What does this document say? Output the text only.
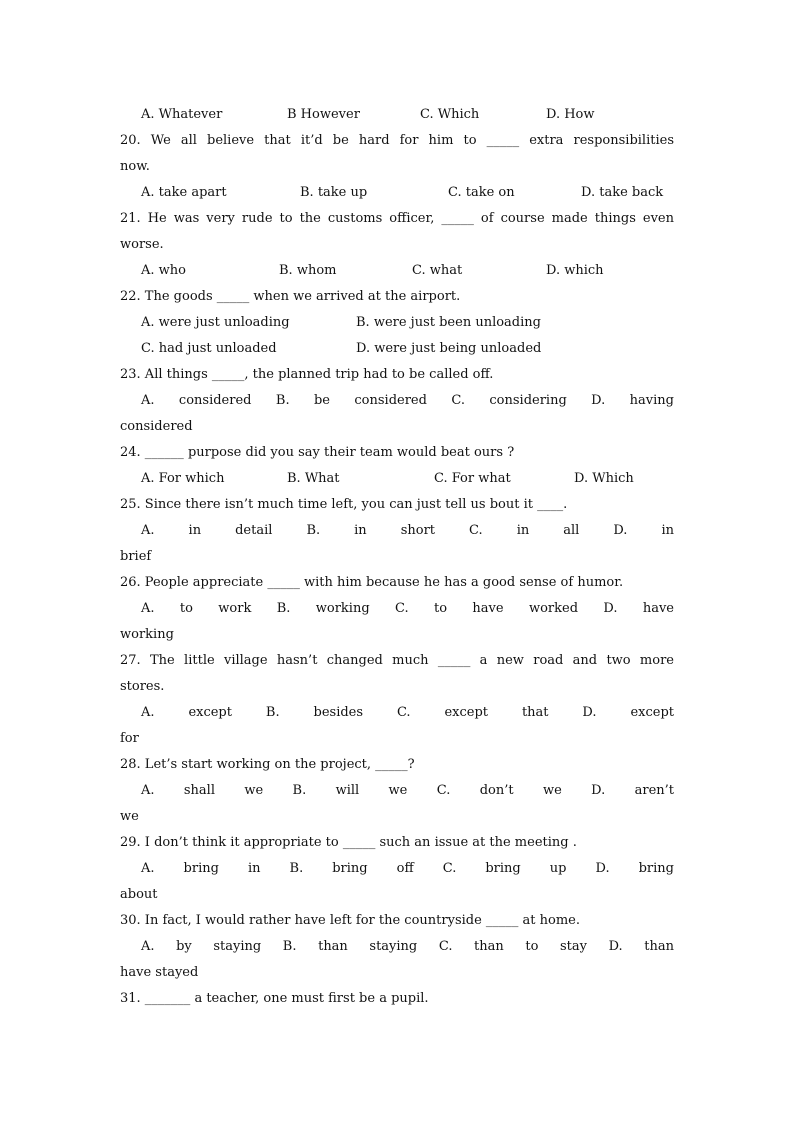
A. Whatever	B However	C. Which	D. How
20. We all believe that it’d be hard for him to _____ extra responsibilities
now.
A. take apart	B. take up	C. take on	D. take back
21. He was very rude to the customs officer, _____ of course made things even
worse.
A. who	B. whom	C. what	D. which
22. The goods _____ when we arrived at the airport.
A. were just unloading	B. were just been unloading
C. had just unloaded	D. were just being unloaded
23. All things _____, the planned trip had to be called off.
A. considered B. be considered C. considering D. having
considered
24. ______ purpose did you say their team would beat ours ?
A. For which	B. What	C. For what	D. Which
25. Since there isn’t much time left, you can just tell us bout it ____.
A. in detail B. in short C. in all D. in
brief
26. People appreciate _____ with him because he has a good sense of humor.
A. to work B. working C. to have worked D. have
working
27. The little village hasn’t changed much _____ a new road and two more
stores.
A. except B. besides C. except that D. except
for
28. Let’s start working on the project, _____?
A. shall we B. will we C. don’t we D. aren’t
we
29. I don’t think it appropriate to _____ such an issue at the meeting .
A. bring in B. bring off C. bring up D. bring
about
30. In fact, I would rather have left for the countryside _____ at home.
A. by staying B. than staying C. than to stay D. than
have stayed
31. _______ a teacher, one must first be a pupil.
